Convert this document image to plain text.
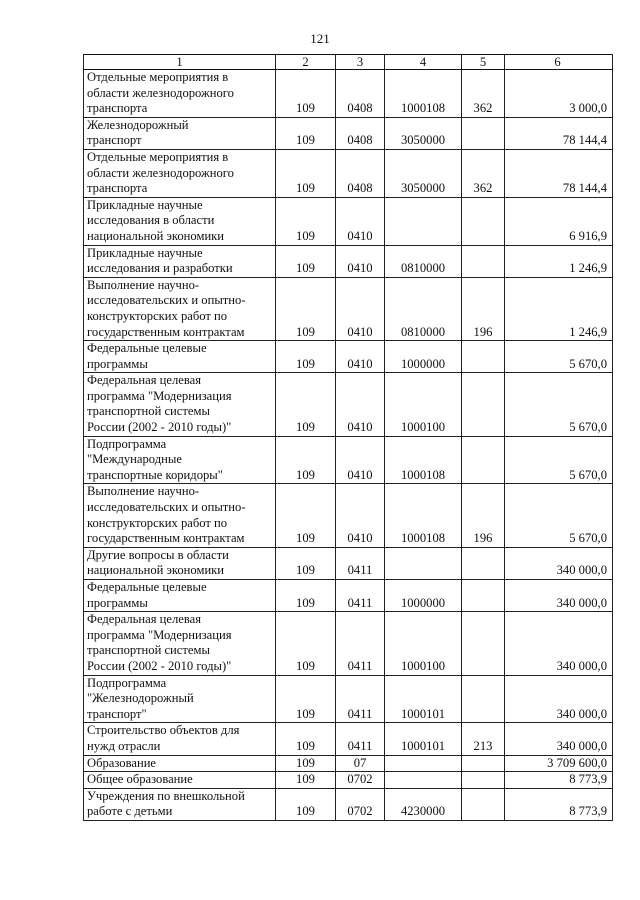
121
1	2	3	4	5	6
Отдельные мероприятия в
области железнодорожного
транспорта	109	0408	1000108	362	3 000,0
Железнодорожный
транспорт	109	0408	3050000		78 144,4
Отдельные мероприятия в
области железнодорожного
транспорта	109	0408	3050000	362	78 144,4
Прикладные научные
исследования в области
национальной экономики	109	0410			6 916,9
Прикладные научные
исследования и разработки	109	0410	0810000		1 246,9
Выполнение научно-
исследовательских и опытно-
конструкторских работ по
государственным контрактам	109	0410	0810000	196	1 246,9
Федеральные целевые
программы	109	0410	1000000		5 670,0
Федеральная целевая
программа "Модернизация
транспортной системы
России (2002 - 2010 годы)"	109	0410	1000100		5 670,0
Подпрограмма
"Международные
транспортные коридоры"	109	0410	1000108		5 670,0
Выполнение научно-
исследовательских и опытно-
конструкторских работ по
государственным контрактам	109	0410	1000108	196	5 670,0
Другие вопросы в области
национальной экономики	109	0411			340 000,0
Федеральные целевые
программы	109	0411	1000000		340 000,0
Федеральная целевая
программа "Модернизация
транспортной системы
России (2002 - 2010 годы)"	109	0411	1000100		340 000,0
Подпрограмма
"Железнодорожный
транспорт"	109	0411	1000101		340 000,0
Строительство объектов для
нужд отрасли	109	0411	1000101	213	340 000,0
Образование	109	07			3 709 600,0
Общее образование	109	0702			8 773,9
Учреждения по внешкольной
работе с детьми	109	0702	4230000		8 773,9
